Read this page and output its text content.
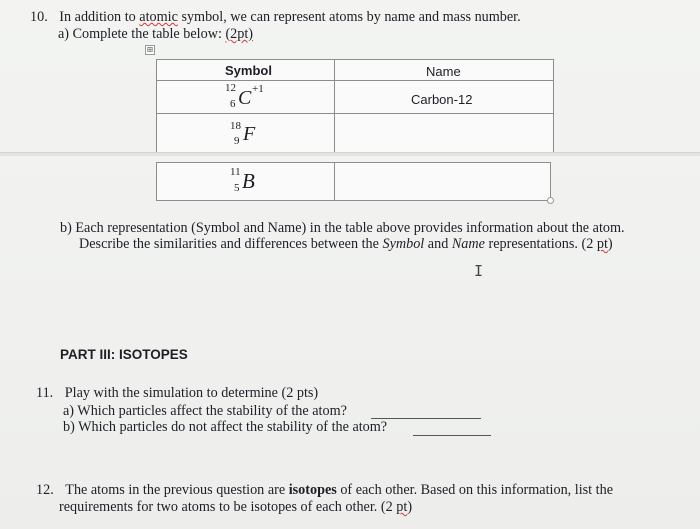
10. In addition to atomic symbol, we can represent atoms by name and mass number.
a) Complete the table below: (2pt)
⊞
Symbol	Name
12
6 C +1
Carbon-12
18
9 F
11
5 B
b) Each representation (Symbol and Name) in the table above provides information about the atom.
Describe the similarities and differences between the Symbol and Name representations. (2 pt)
I
PART III: ISOTOPES
11. Play with the simulation to determine (2 pts)
a) Which particles affect the stability of the atom?
b) Which particles do not affect the stability of the atom?
12. The atoms in the previous question are isotopes of each other. Based on this information, list the
requirements for two atoms to be isotopes of each other. (2 pt)
